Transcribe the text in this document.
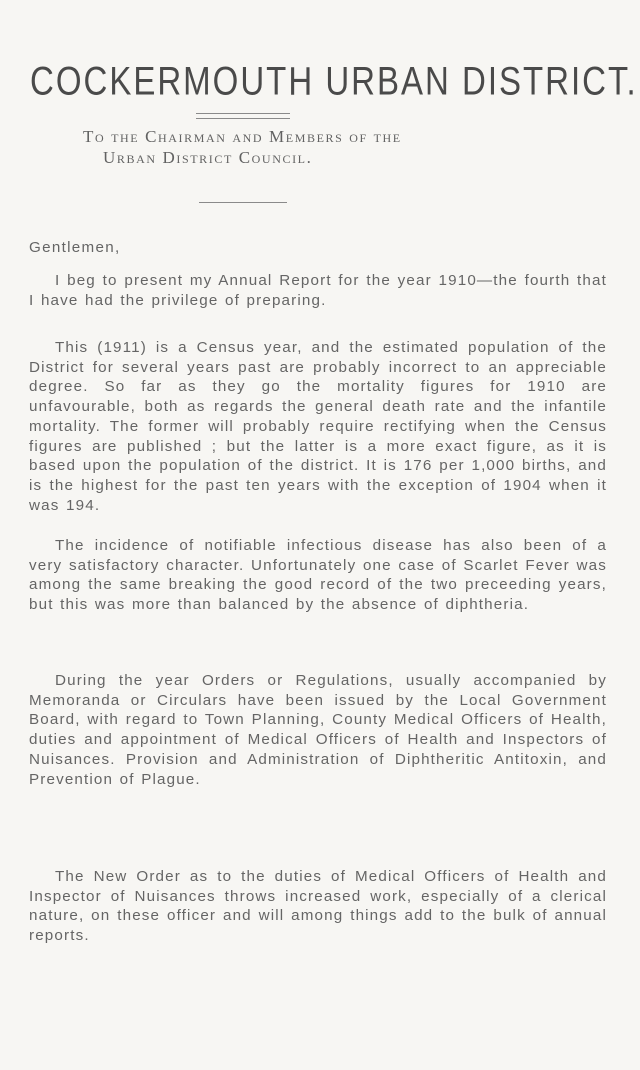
COCKERMOUTH URBAN DISTRICT.
To the Chairman and Members of the
Urban District Council.
Gentlemen,

I beg to present my Annual Report for the year 1910—the fourth that I have had the privilege of preparing.

This (1911) is a Census year, and the estimated population of the District for several years past are probably incorrect to an appreciable degree. So far as they go the mortality figures for 1910 are unfavourable, both as regards the general death rate and the infantile mortality. The former will probably require rectifying when the Census figures are published ; but the latter is a more exact figure, as it is based upon the population of the district. It is 176 per 1,000 births, and is the highest for the past ten years with the exception of 1904 when it was 194.

The incidence of notifiable infectious disease has also been of a very satisfactory character. Unfortunately one case of Scarlet Fever was among the same breaking the good record of the two preceeding years, but this was more than balanced by the absence of diphtheria.

During the year Orders or Regulations, usually accompanied by Memoranda or Circulars have been issued by the Local Government Board, with regard to Town Planning, County Medical Officers of Health, duties and appointment of Medical Officers of Health and Inspectors of Nuisances. Provision and Administration of Diphtheritic Antitoxin, and Prevention of Plague.

The New Order as to the duties of Medical Officers of Health and Inspector of Nuisances throws increased work, especially of a clerical nature, on these officer and will among things add to the bulk of annual reports.
